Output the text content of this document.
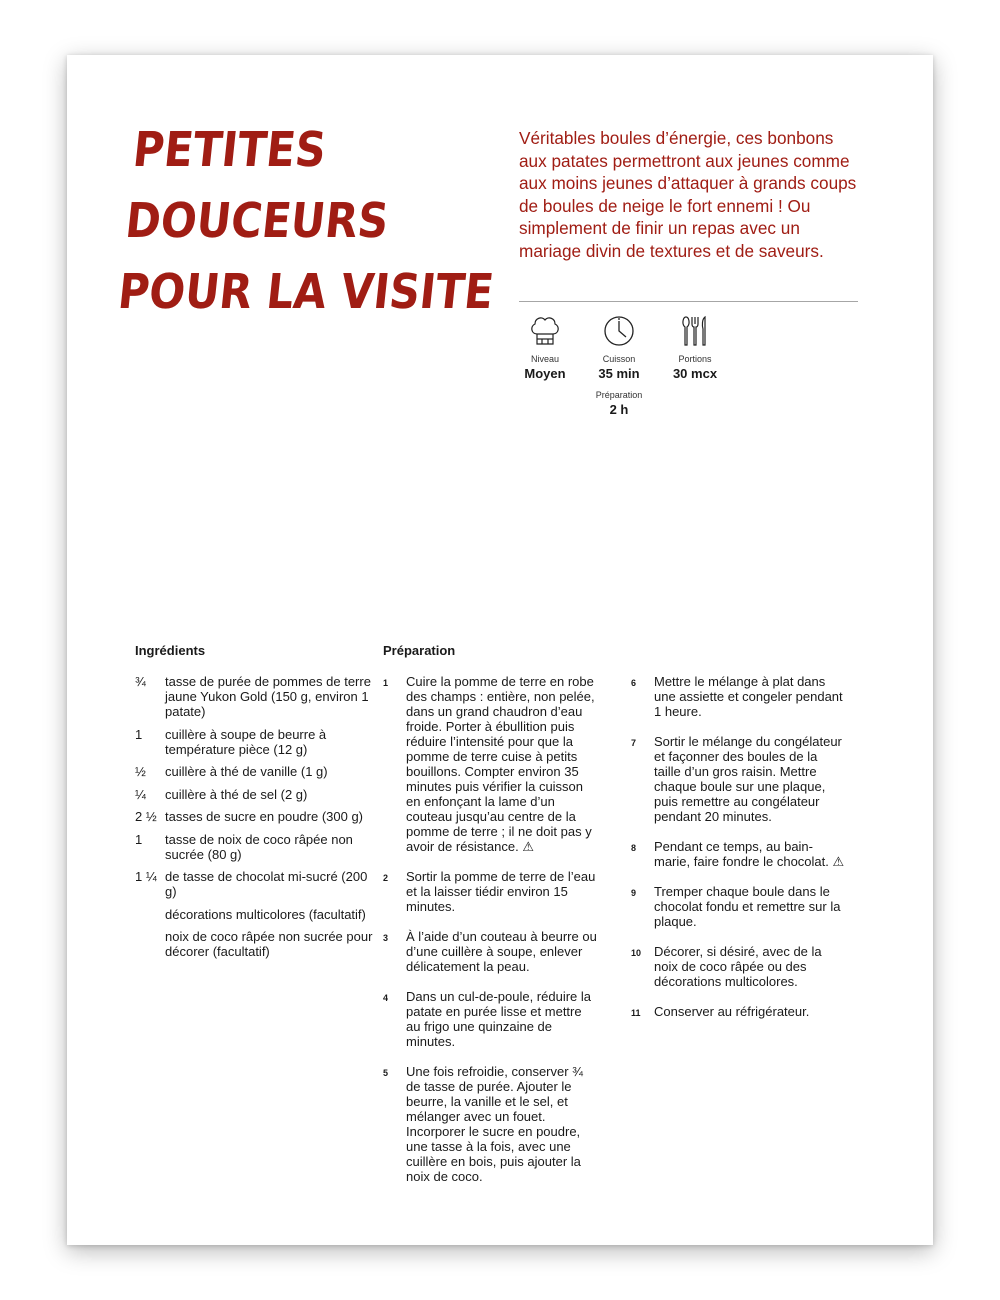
PETITES
DOUCEURS
POUR LA VISITE

Véritables boules d’énergie, ces bonbons aux patates permettront aux jeunes comme aux moins jeunes d’attaquer à grands coups de boules de neige le fort ennemi ! Ou simplement de finir un repas avec un mariage divin de textures et de saveurs.

Niveau
Moyen
Cuisson
35 min
Portions
30 mcx
Préparation
2 h
Ingrédients
¾ tasse de purée de pommes de terre jaune Yukon Gold (150 g, environ 1 patate)
1 cuillère à soupe de beurre à température pièce (12 g)
½ cuillère à thé de vanille (1 g)
¼ cuillère à thé de sel (2 g)
2 ½ tasses de sucre en poudre (300 g)
1 tasse de noix de coco râpée non sucrée (80 g)
1 ¼ de tasse de chocolat mi-sucré (200 g)
décorations multicolores (facultatif)
noix de coco râpée non sucrée pour décorer (facultatif)
Préparation
1 Cuire la pomme de terre en robe des champs : entière, non pelée, dans un grand chaudron d’eau froide. Porter à ébullition puis réduire l’intensité pour que la pomme de terre cuise à petits bouillons. Compter environ 35 minutes puis vérifier la cuisson en enfonçant la lame d’un couteau jusqu’au centre de la pomme de terre ; il ne doit pas y avoir de résistance. ⚠
2 Sortir la pomme de terre de l’eau et la laisser tiédir environ 15 minutes.
3 À l’aide d’un couteau à beurre ou d’une cuillère à soupe, enlever délicatement la peau.
4 Dans un cul-de-poule, réduire la patate en purée lisse et mettre au frigo une quinzaine de minutes.
5 Une fois refroidie, conserver ¾ de tasse de purée. Ajouter le beurre, la vanille et le sel, et mélanger avec un fouet. Incorporer le sucre en poudre, une tasse à la fois, avec une cuillère en bois, puis ajouter la noix de coco.
6 Mettre le mélange à plat dans une assiette et congeler pendant 1 heure.
7 Sortir le mélange du congélateur et façonner des boules de la taille d’un gros raisin. Mettre chaque boule sur une plaque, puis remettre au congélateur pendant 20 minutes.
8 Pendant ce temps, au bain-marie, faire fondre le chocolat. ⚠
9 Tremper chaque boule dans le chocolat fondu et remettre sur la plaque.
10 Décorer, si désiré, avec de la noix de coco râpée ou des décorations multicolores.
11 Conserver au réfrigérateur.
